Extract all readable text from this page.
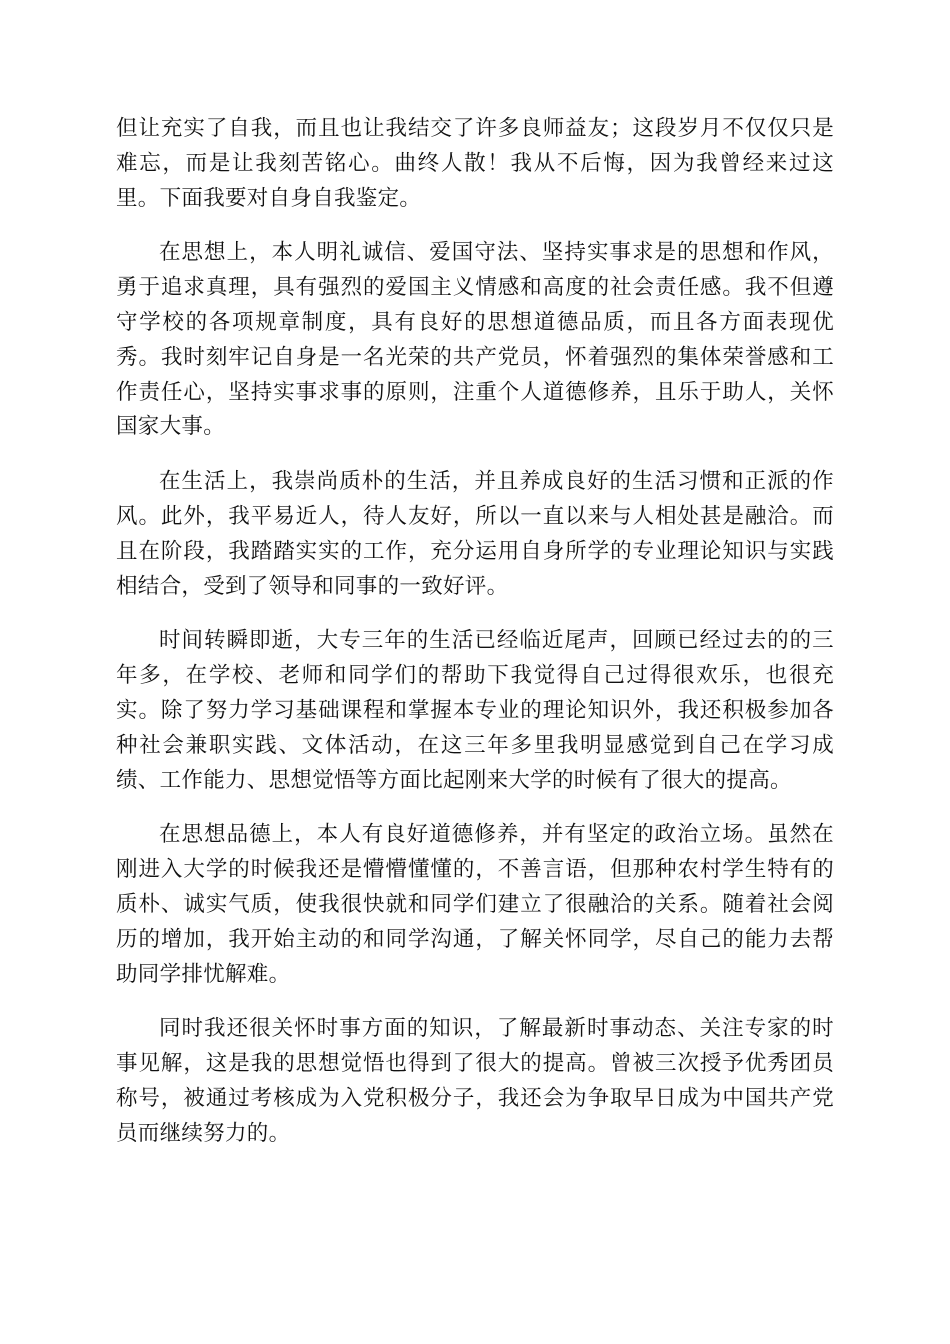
但让充实了自我，而且也让我结交了许多良师益友；这段岁月不仅仅只是难忘，而是让我刻苦铭心。曲终人散！我从不后悔，因为我曾经来过这里。下面我要对自身自我鉴定。

在思想上，本人明礼诚信、爱国守法、坚持实事求是的思想和作风，勇于追求真理，具有强烈的爱国主义情感和高度的社会责任感。我不但遵守学校的各项规章制度，具有良好的思想道德品质，而且各方面表现优秀。我时刻牢记自身是一名光荣的共产党员，怀着强烈的集体荣誉感和工作责任心，坚持实事求事的原则，注重个人道德修养，且乐于助人，关怀国家大事。

在生活上，我崇尚质朴的生活，并且养成良好的生活习惯和正派的作风。此外，我平易近人，待人友好，所以一直以来与人相处甚是融洽。而且在阶段，我踏踏实实的工作，充分运用自身所学的专业理论知识与实践相结合，受到了领导和同事的一致好评。

时间转瞬即逝，大专三年的生活已经临近尾声，回顾已经过去的的三年多，在学校、老师和同学们的帮助下我觉得自己过得很欢乐，也很充实。除了努力学习基础课程和掌握本专业的理论知识外，我还积极参加各种社会兼职实践、文体活动，在这三年多里我明显感觉到自己在学习成绩、工作能力、思想觉悟等方面比起刚来大学的时候有了很大的提高。

在思想品德上，本人有良好道德修养，并有坚定的政治立场。虽然在刚进入大学的时候我还是懵懵懂懂的，不善言语，但那种农村学生特有的质朴、诚实气质，使我很快就和同学们建立了很融洽的关系。随着社会阅历的增加，我开始主动的和同学沟通，了解关怀同学，尽自己的能力去帮助同学排忧解难。

同时我还很关怀时事方面的知识，了解最新时事动态、关注专家的时事见解，这是我的思想觉悟也得到了很大的提高。曾被三次授予优秀团员称号，被通过考核成为入党积极分子，我还会为争取早日成为中国共产党员而继续努力的。
